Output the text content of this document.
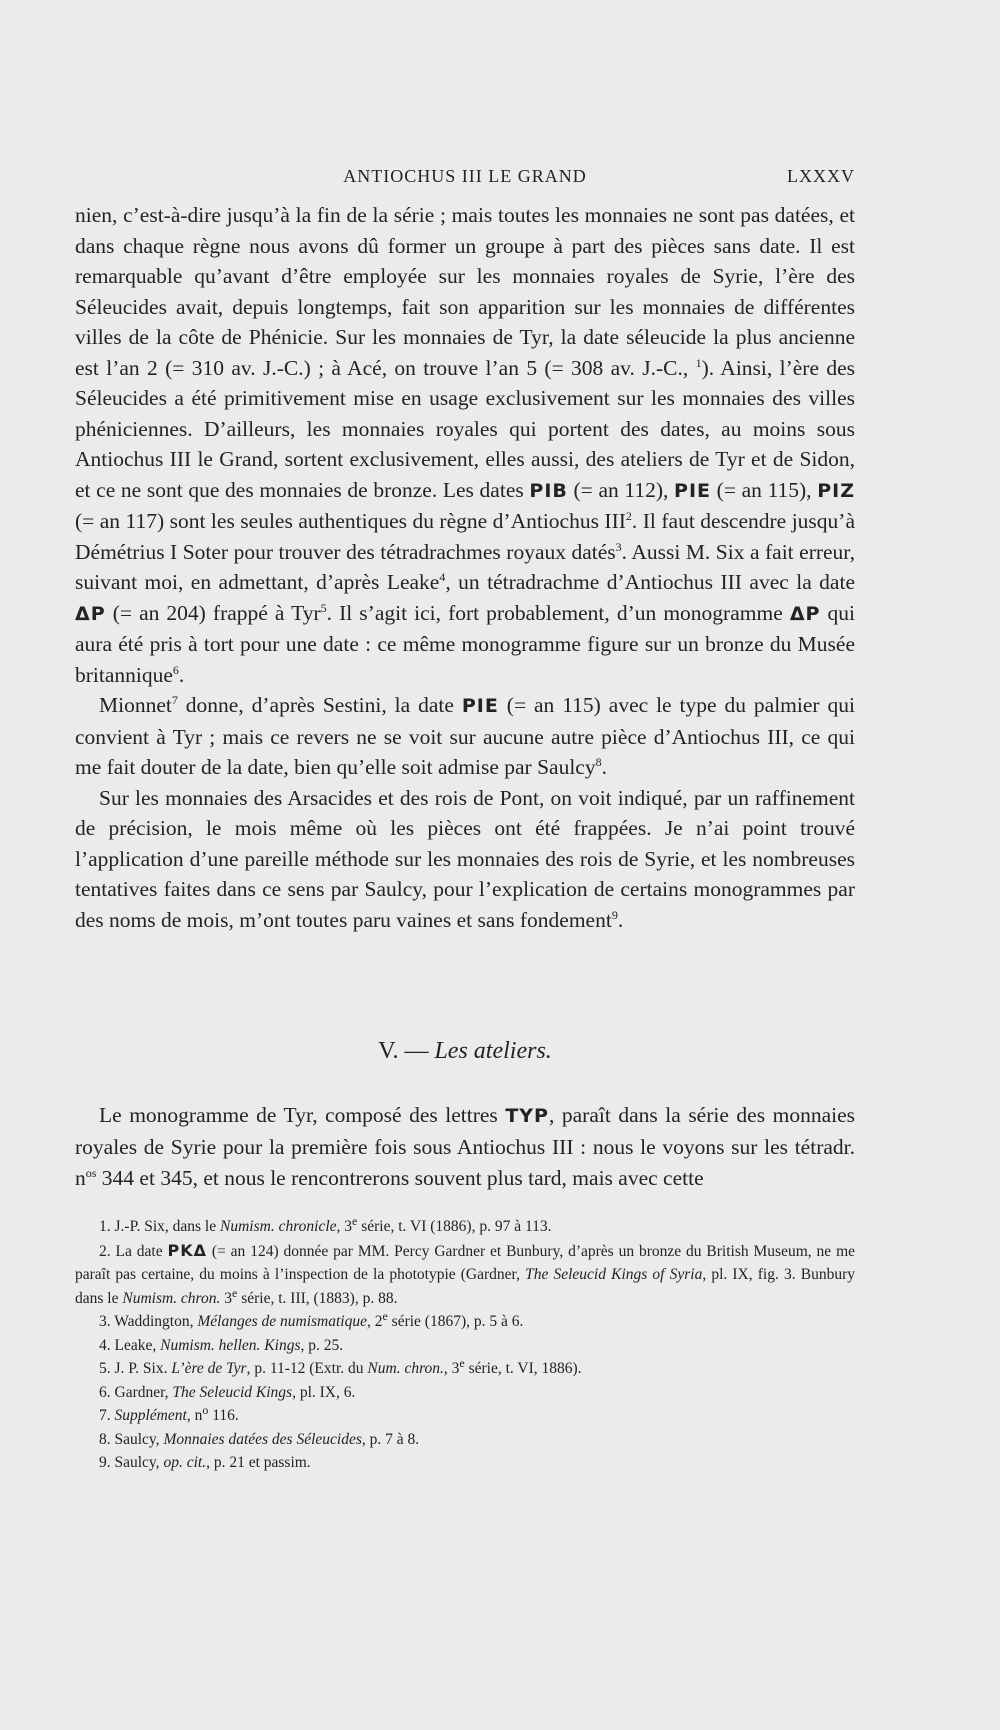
ANTIOCHUS III LE GRAND	LXXXV

nien, c’est-à-dire jusqu’à la fin de la série ; mais toutes les monnaies ne sont pas datées, et dans chaque règne nous avons dû former un groupe à part des pièces sans date. Il est remarquable qu’avant d’être employée sur les monnaies royales de Syrie, l’ère des Séleucides avait, depuis longtemps, fait son apparition sur les monnaies de différentes villes de la côte de Phénicie. Sur les monnaies de Tyr, la date séleucide la plus ancienne est l’an 2 (= 310 av. J.-C.) ; à Acé, on trouve l’an 5 (= 308 av. J.-C., $^1$). Ainsi, l’ère des Séleucides a été primitivement mise en usage exclusivement sur les monnaies des villes phéniciennes. D’ailleurs, les monnaies royales qui portent des dates, au moins sous Antiochus III le Grand, sortent exclusivement, elles aussi, des ateliers de Tyr et de Sidon, et ce ne sont que des monnaies de bronze. Les dates PIB (= an 112), PIE (= an 115), PIZ (= an 117) sont les seules authentiques du règne d’Antiochus III$^2$. Il faut descendre jusqu’à Démétrius I Soter pour trouver des tétradrachmes royaux datés$^3$. Aussi M. Six a fait erreur, suivant moi, en admettant, d’après Leake$^4$, un tétradrachme d’Antiochus III avec la date ΔP (= an 204) frappé à Tyr$^5$. Il s’agit ici, fort probablement, d’un monogramme ΔP qui aura été pris à tort pour une date : ce même monogramme figure sur un bronze du Musée britannique$^6$.

Mionnet$^7$ donne, d’après Sestini, la date PIE (= an 115) avec le type du palmier qui convient à Tyr ; mais ce revers ne se voit sur aucune autre pièce d’Antiochus III, ce qui me fait douter de la date, bien qu’elle soit admise par Saulcy$^8$.

Sur les monnaies des Arsacides et des rois de Pont, on voit indiqué, par un raffinement de précision, le mois même où les pièces ont été frappées. Je n’ai point trouvé l’application d’une pareille méthode sur les monnaies des rois de Syrie, et les nombreuses tentatives faites dans ce sens par Saulcy, pour l’explication de certains monogrammes par des noms de mois, m’ont toutes paru vaines et sans fondement$^9$.

V. — Les ateliers.

Le monogramme de Tyr, composé des lettres TYP, paraît dans la série des monnaies royales de Syrie pour la première fois sous Antiochus III : nous le voyons sur les tétradr. $n^{os}$ 344 et 345, et nous le rencontrerons souvent plus tard, mais avec cette

1. J.-P. Six, dans le Numism. chronicle, 3e série, t. VI (1886), p. 97 à 113.

2. La date PKΔ (= an 124) donnée par MM. Percy Gardner et Bunbury, d’après un bronze du British Museum, ne me paraît pas certaine, du moins à l’inspection de la phototypie (Gardner, The Seleucid Kings of Syria, pl. IX, fig. 3. Bunbury dans le Numism. chron. 3e série, t. III, (1883), p. 88.

3. Waddington, Mélanges de numismatique, 2e série (1867), p. 5 à 6.

4. Leake, Numism. hellen. Kings, p. 25.

5. J. P. Six. L’ère de Tyr, p. 11-12 (Extr. du Num. chron., 3e série, t. VI, 1886).

6. Gardner, The Seleucid Kings, pl. IX, 6.

7. Supplément, $n^o$ 116.

8. Saulcy, Monnaies datées des Séleucides, p. 7 à 8.

9. Saulcy, op. cit., p. 21 et passim.
